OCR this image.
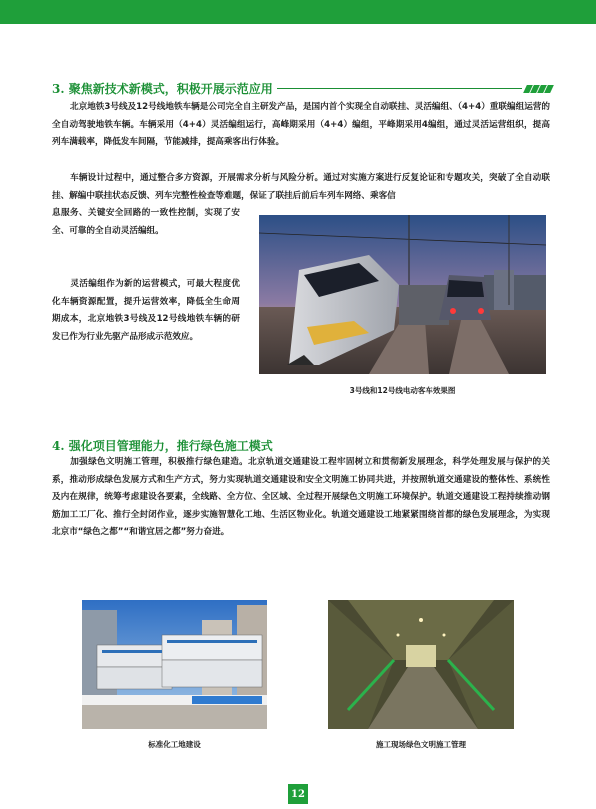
3. 聚焦新技术新模式，积极开展示范应用

北京地铁3号线及12号线地铁车辆是公司完全自主研发产品，是国内首个实现全自动联挂、灵活编组、（4+4）重联编组运营的全自动驾驶地铁车辆。车辆采用（4+4）灵活编组运行，高峰期采用（4+4）编组，平峰期采用4编组，通过灵活运营组织，提高列车满载率，降低发车间隔，节能减排，提高乘客出行体验。

车辆设计过程中，通过整合多方资源，开展需求分析与风险分析。通过对实施方案进行反复论证和专题攻关，突破了全自动联挂、解编中联挂状态反馈、列车完整性检查等难题，保证了联挂后前后车列车网络、乘客信

息服务、关键安全回路的一致性控制，实现了安全、可靠的全自动灵活编组。

灵活编组作为新的运营模式，可最大程度优化车辆资源配置，提升运营效率，降低全生命周期成本，北京地铁3号线及12号线地铁车辆的研发已作为行业先驱产品形成示范效应。

3号线和12号线电动客车效果图
4. 强化项目管理能力，推行绿色施工模式

加强绿色文明施工管理，积极推行绿色建造。北京轨道交通建设工程牢固树立和贯彻新发展理念，科学处理发展与保护的关系，推动形成绿色发展方式和生产方式，努力实现轨道交通建设和安全文明施工协同共进，并按照轨道交通建设的整体性、系统性及内在规律，统筹考虑建设各要素，全线路、全方位、全区域、全过程开展绿色文明施工环境保护。轨道交通建设工程持续推动钢筋加工工厂化、推行全封闭作业，逐步实施智慧化工地、生活区物业化。轨道交通建设工地紧紧围绕首都的绿色发展理念，为实现北京市“绿色之都”“和谐宜居之都”努力奋进。

标准化工地建设	施工现场绿色文明施工管理
12
